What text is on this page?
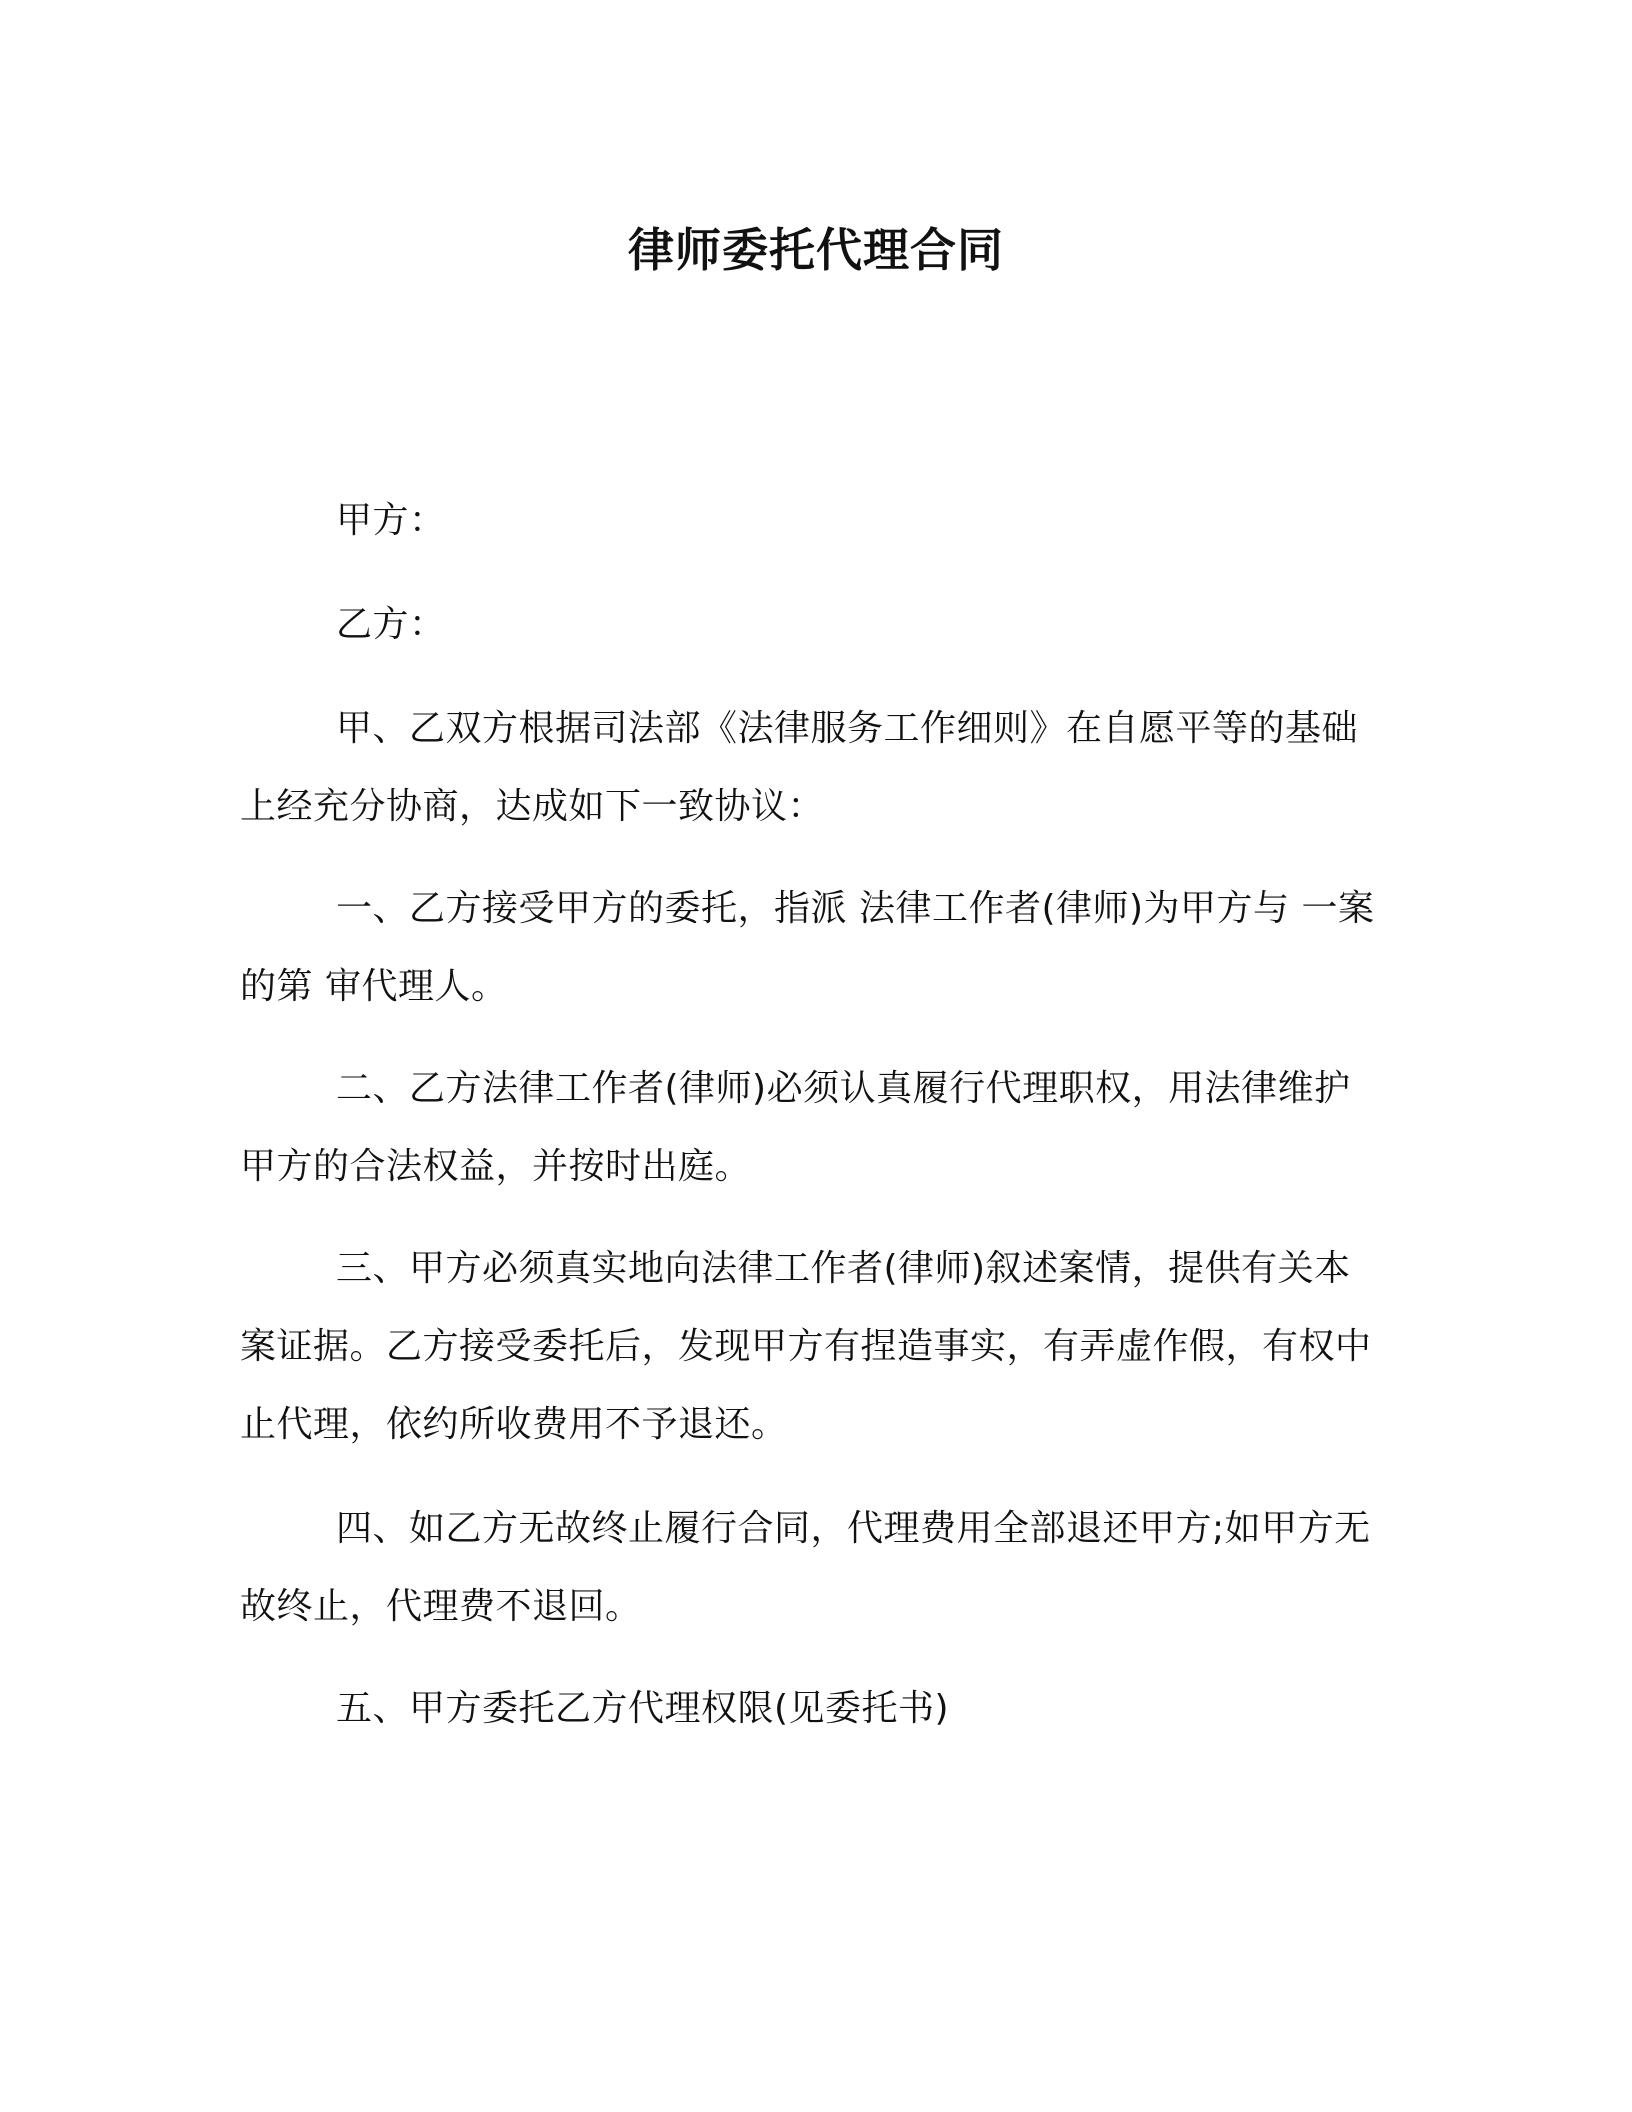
律师委托代理合同

甲方：

乙方：

甲、乙双方根据司法部《法律服务工作细则》在自愿平等的基础上经充分协商，达成如下一致协议：

一、乙方接受甲方的委托，指派 法律工作者(律师)为甲方与 一案的第 审代理人。

二、乙方法律工作者(律师)必须认真履行代理职权，用法律维护甲方的合法权益，并按时出庭。

三、甲方必须真实地向法律工作者(律师)叙述案情，提供有关本案证据。乙方接受委托后，发现甲方有捏造事实，有弄虚作假，有权中止代理，依约所收费用不予退还。

四、如乙方无故终止履行合同，代理费用全部退还甲方;如甲方无故终止，代理费不退回。

五、甲方委托乙方代理权限(见委托书)
